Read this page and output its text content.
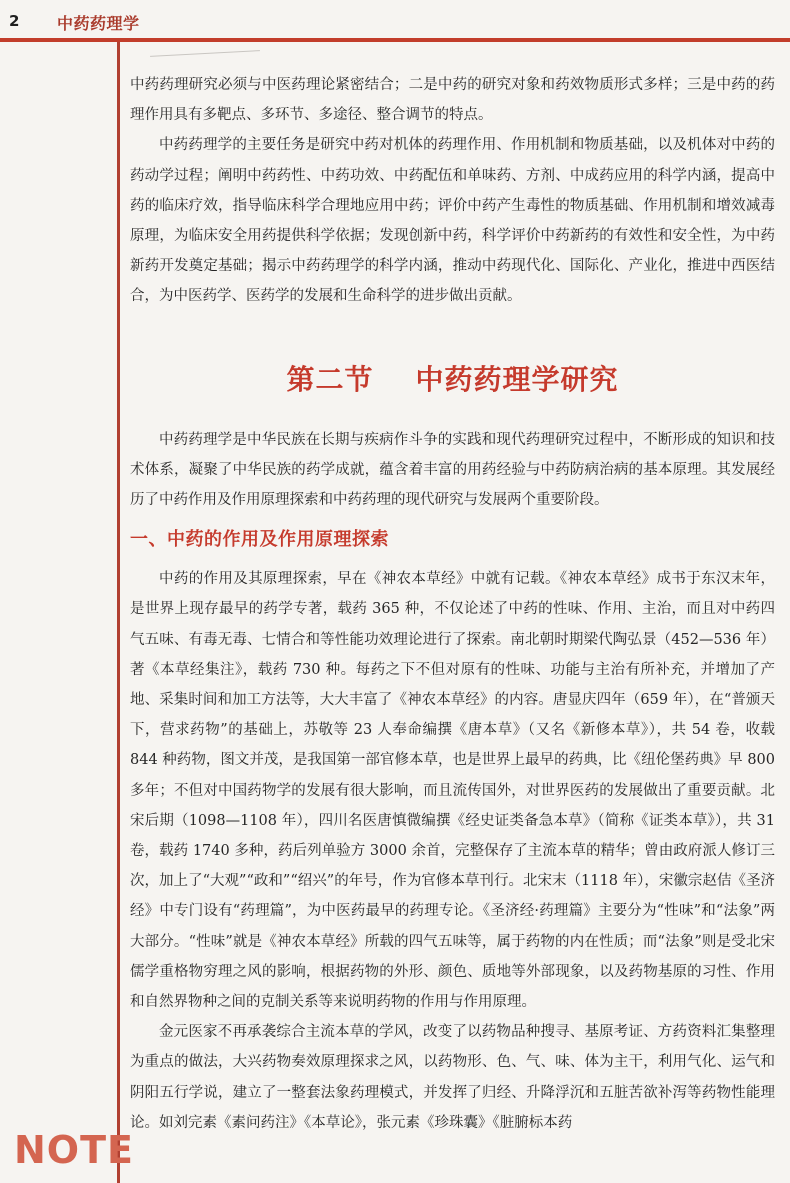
2 中药药理学

中药药理研究必须与中医药理论紧密结合；二是中药的研究对象和药效物质形式多样；三是中药的药理作用具有多靶点、多环节、多途径、整合调节的特点。

中药药理学的主要任务是研究中药对机体的药理作用、作用机制和物质基础，以及机体对中药的药动学过程；阐明中药药性、中药功效、中药配伍和单味药、方剂、中成药应用的科学内涵，提高中药的临床疗效，指导临床科学合理地应用中药；评价中药产生毒性的物质基础、作用机制和增效减毒原理，为临床安全用药提供科学依据；发现创新中药，科学评价中药新药的有效性和安全性，为中药新药开发奠定基础；揭示中药药理学的科学内涵，推动中药现代化、国际化、产业化，推进中西医结合，为中医药学、医药学的发展和生命科学的进步做出贡献。

第二节 中药药理学研究

中药药理学是中华民族在长期与疾病作斗争的实践和现代药理研究过程中，不断形成的知识和技术体系，凝聚了中华民族的药学成就，蕴含着丰富的用药经验与中药防病治病的基本原理。其发展经历了中药作用及作用原理探索和中药药理的现代研究与发展两个重要阶段。

一、中药的作用及作用原理探索

中药的作用及其原理探索，早在《神农本草经》中就有记载。《神农本草经》成书于东汉末年，是世界上现存最早的药学专著，载药 365 种，不仅论述了中药的性味、作用、主治，而且对中药四气五味、有毒无毒、七情合和等性能功效理论进行了探索。南北朝时期梁代陶弘景（452—536 年）著《本草经集注》，载药 730 种。每药之下不但对原有的性味、功能与主治有所补充，并增加了产地、采集时间和加工方法等，大大丰富了《神农本草经》的内容。唐显庆四年（659 年），在“普颁天下，营求药物”的基础上，苏敬等 23 人奉命编撰《唐本草》（又名《新修本草》），共 54 卷，收载 844 种药物，图文并茂，是我国第一部官修本草，也是世界上最早的药典，比《纽伦堡药典》早 800 多年；不但对中国药物学的发展有很大影响，而且流传国外，对世界医药的发展做出了重要贡献。北宋后期（1098—1108 年），四川名医唐慎微编撰《经史证类备急本草》（简称《证类本草》），共 31 卷，载药 1740 多种，药后列单验方 3000 余首，完整保存了主流本草的精华；曾由政府派人修订三次，加上了“大观”“政和”“绍兴”的年号，作为官修本草刊行。北宋末（1118 年），宋徽宗赵佶《圣济经》中专门设有“药理篇”，为中医药最早的药理专论。《圣济经·药理篇》主要分为“性味”和“法象”两大部分。“性味”就是《神农本草经》所载的四气五味等，属于药物的内在性质；而“法象”则是受北宋儒学重格物穷理之风的影响，根据药物的外形、颜色、质地等外部现象，以及药物基原的习性、作用和自然界物种之间的克制关系等来说明药物的作用与作用原理。

金元医家不再承袭综合主流本草的学风，改变了以药物品种搜寻、基原考证、方药资料汇集整理为重点的做法，大兴药物奏效原理探求之风，以药物形、色、气、味、体为主干，利用气化、运气和阴阳五行学说，建立了一整套法象药理模式，并发挥了归经、升降浮沉和五脏苦欲补泻等药物性能理论。如刘完素《素问药注》《本草论》，张元素《珍珠囊》《脏腑标本药

NOTE
